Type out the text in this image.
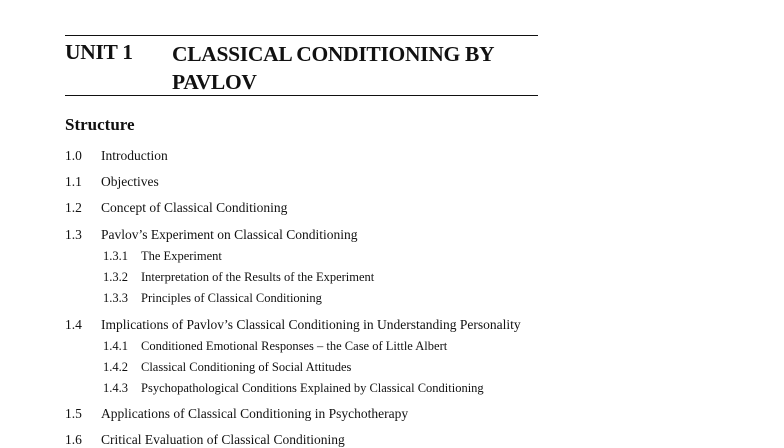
UNIT 1 CLASSICAL CONDITIONING BY
PAVLOV
Structure
1.0 Introduction
1.1 Objectives
1.2 Concept of Classical Conditioning
1.3 Pavlov’s Experiment on Classical Conditioning
1.3.1 The Experiment
1.3.2 Interpretation of the Results of the Experiment
1.3.3 Principles of Classical Conditioning
1.4 Implications of Pavlov’s Classical Conditioning in Understanding Personality
1.4.1 Conditioned Emotional Responses – the Case of Little Albert
1.4.2 Classical Conditioning of Social Attitudes
1.4.3 Psychopathological Conditions Explained by Classical Conditioning
1.5 Applications of Classical Conditioning in Psychotherapy
1.6 Critical Evaluation of Classical Conditioning
